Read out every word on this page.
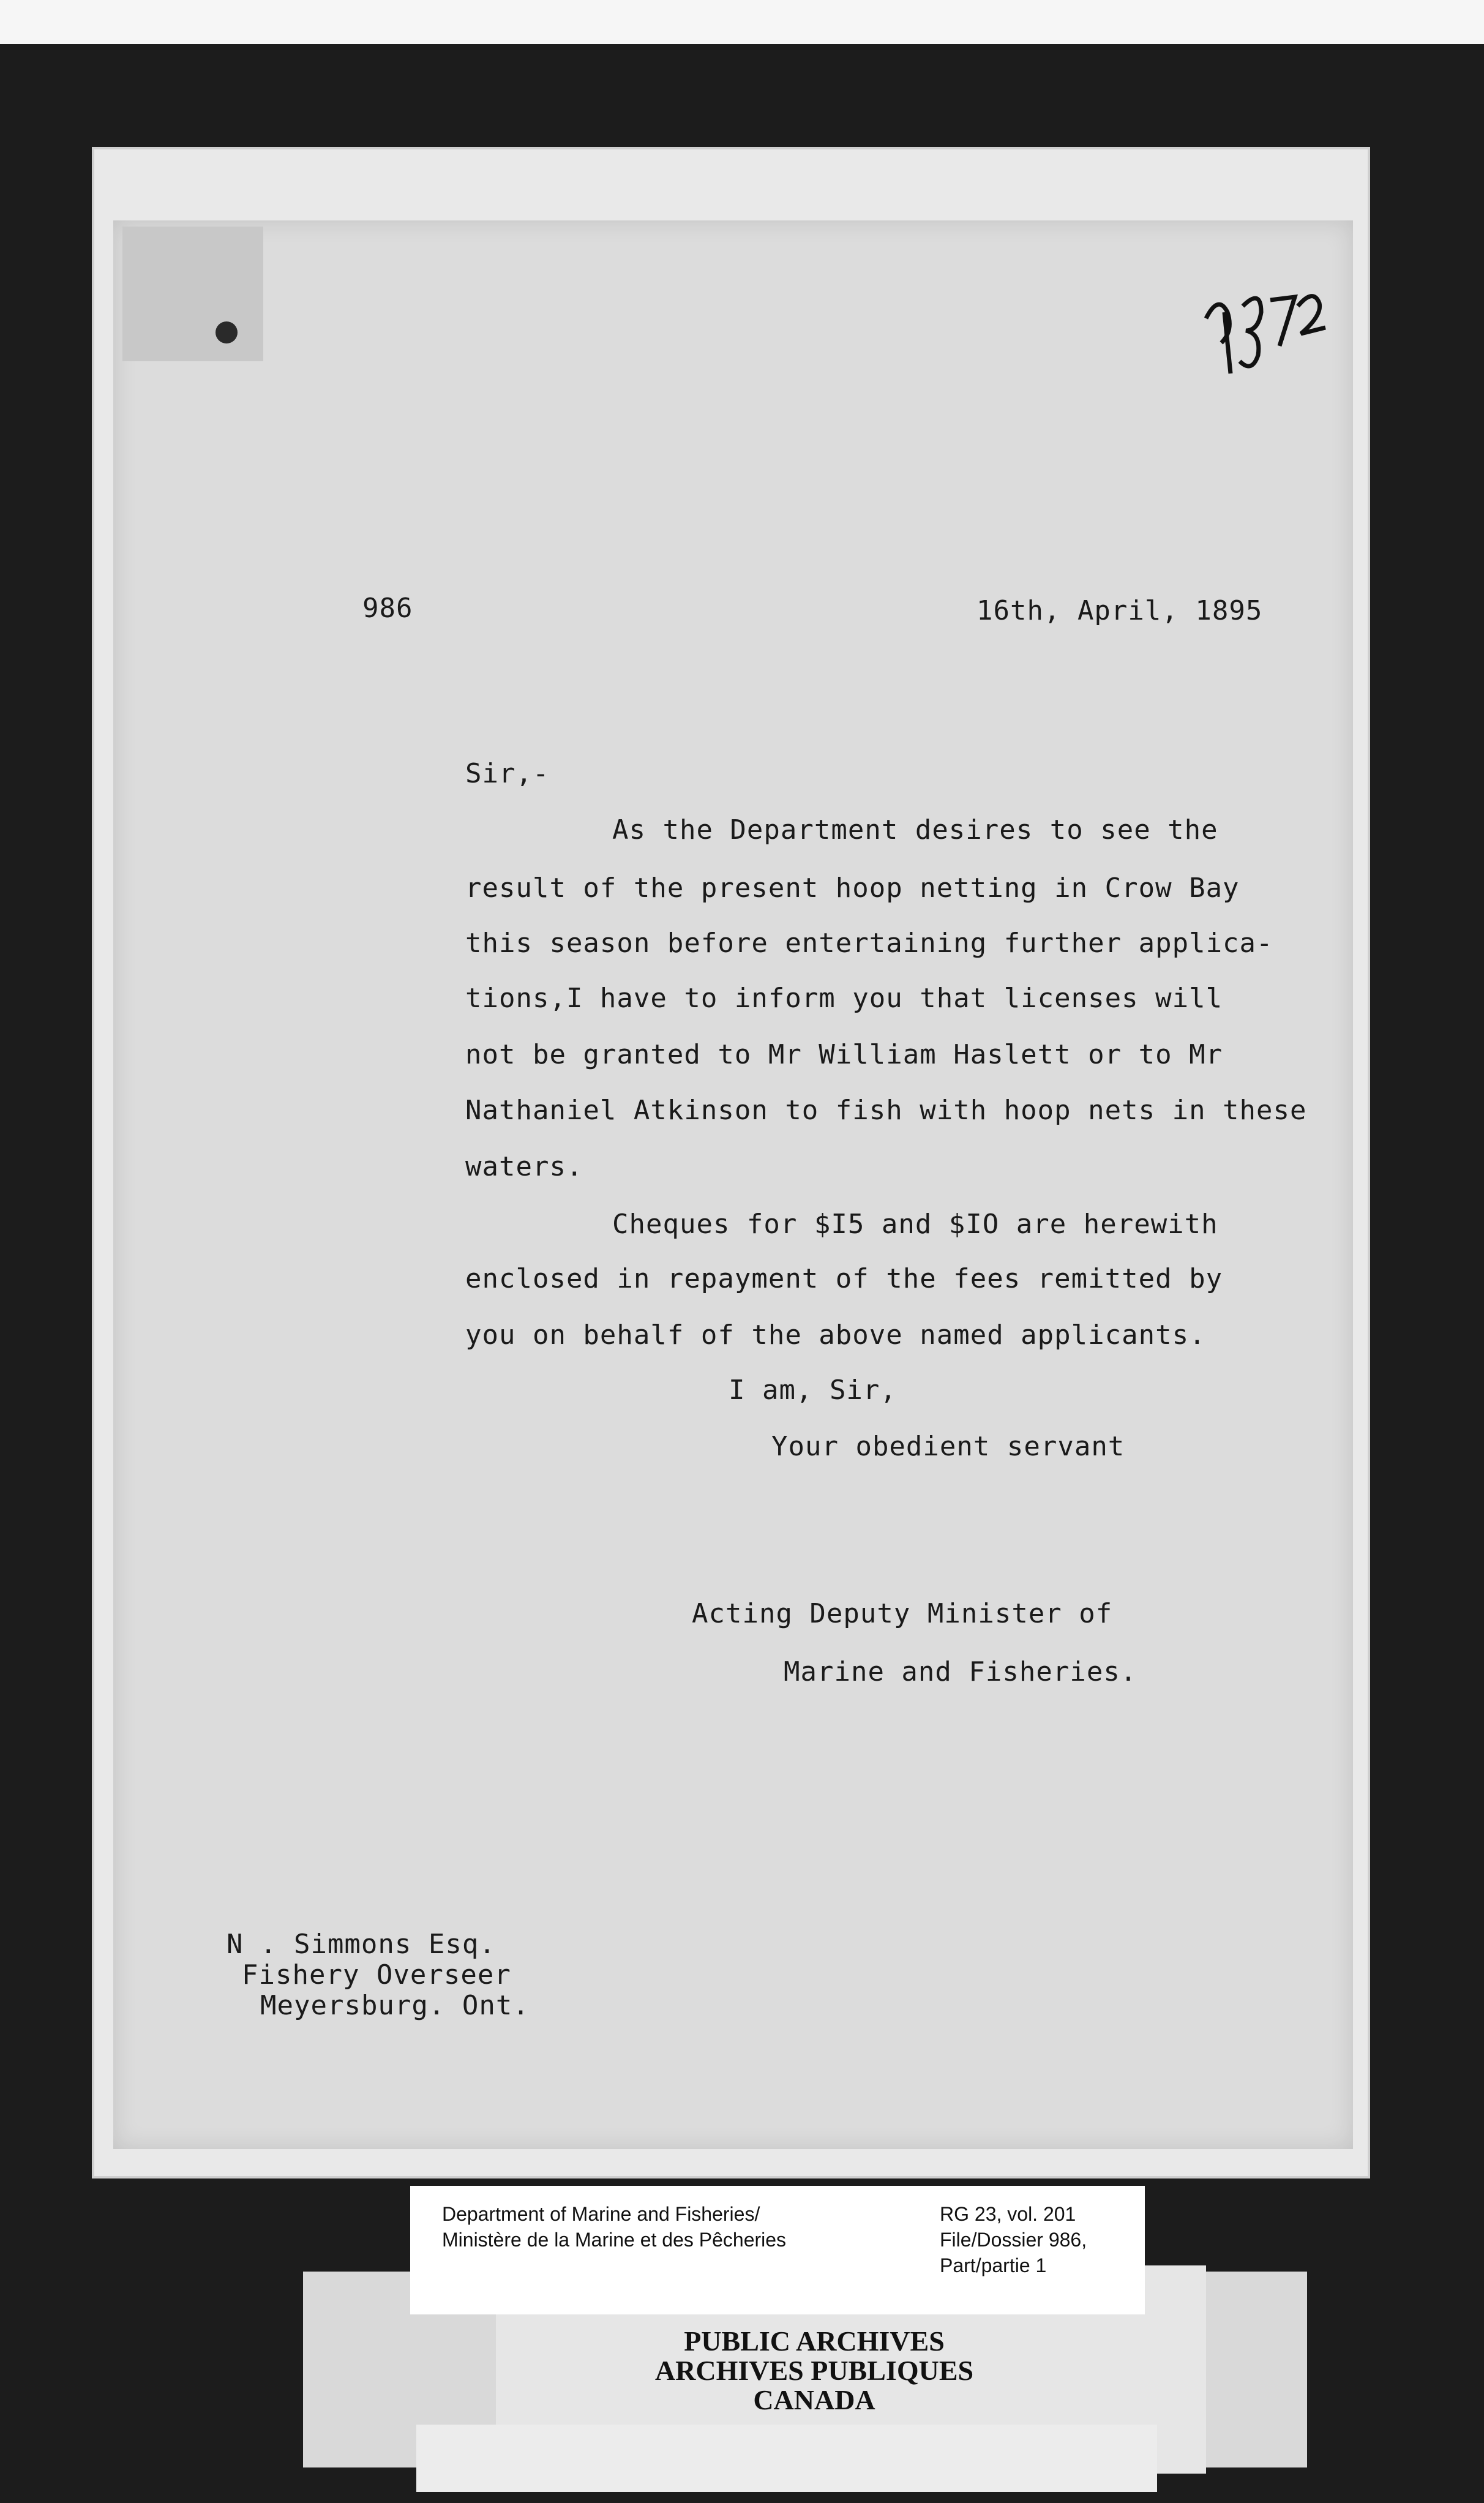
986	16th, April, 1895
Sir,-
As the Department desires to see the
result of the present hoop netting in Crow Bay
this season before entertaining further applica-
tions,I have to inform you that licenses will
not be granted to Mr William Haslett or to Mr
Nathaniel Atkinson to fish with hoop nets in these
waters.
Cheques for $I5 and $IO are herewith
enclosed in repayment of the fees remitted by
you on behalf of the above named applicants.
I am, Sir,
Your obedient servant
Acting Deputy Minister of
Marine and Fisheries.
N . Simmons Esq.
Fishery Overseer
Meyersburg. Ont.
Department of Marine and Fisheries/
Ministère de la Marine et des Pêcheries
RG 23, vol. 201
File/Dossier 986,
Part/partie 1
PUBLIC ARCHIVES
ARCHIVES PUBLIQUES
CANADA
